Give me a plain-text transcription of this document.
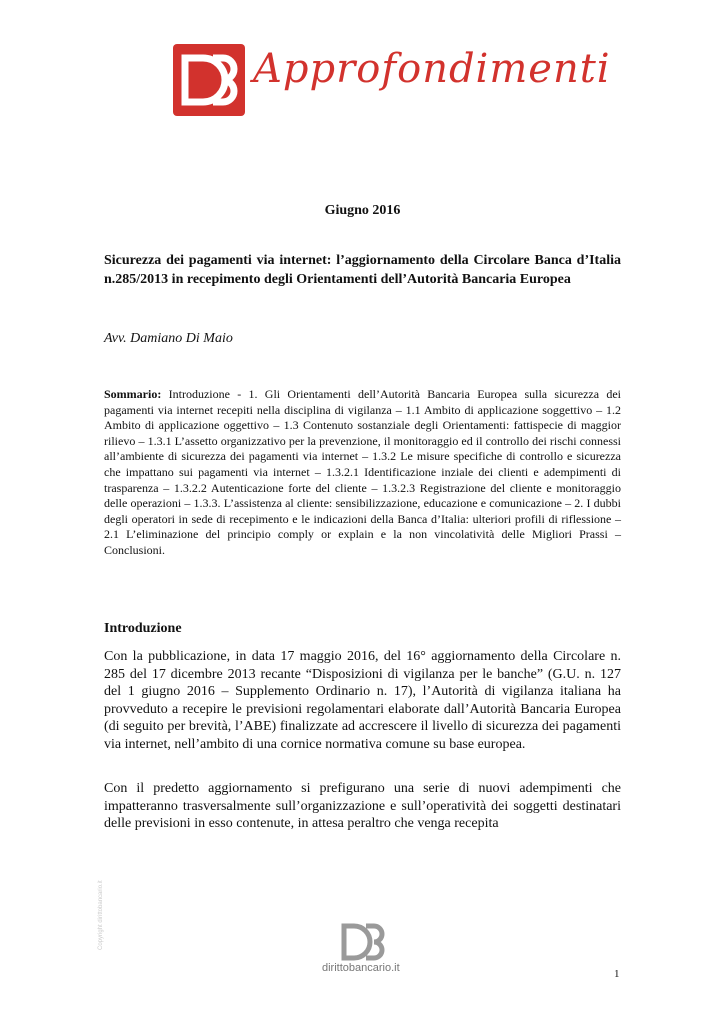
Approfondimenti
Giugno 2016

Sicurezza dei pagamenti via internet: l’aggiornamento della Circolare Banca d’Italia n.285/2013 in recepimento degli Orientamenti dell’Autorità Bancaria Europea

Avv. Damiano Di Maio

Sommario: Introduzione - 1. Gli Orientamenti dell’Autorità Bancaria Europea sulla sicurezza dei pagamenti via internet recepiti nella disciplina di vigilanza – 1.1 Ambito di applicazione soggettivo – 1.2 Ambito di applicazione oggettivo – 1.3 Contenuto sostanziale degli Orientamenti: fattispecie di maggior rilievo – 1.3.1 L’assetto organizzativo per la prevenzione, il monitoraggio ed il controllo dei rischi connessi all’ambiente di sicurezza dei pagamenti via internet – 1.3.2 Le misure specifiche di controllo e sicurezza che impattano sui pagamenti via internet – 1.3.2.1 Identificazione inziale dei clienti e adempimenti di trasparenza – 1.3.2.2 Autenticazione forte del cliente – 1.3.2.3 Registrazione del cliente e monitoraggio delle operazioni – 1.3.3. L’assistenza al cliente: sensibilizzazione, educazione e comunicazione – 2. I dubbi degli operatori in sede di recepimento e le indicazioni della Banca d’Italia: ulteriori profili di riflessione – 2.1 L’eliminazione del principio comply or explain e la non vincolatività delle Migliori Prassi – Conclusioni.

Introduzione

Con la pubblicazione, in data 17 maggio 2016, del 16° aggiornamento della Circolare n. 285 del 17 dicembre 2013 recante “Disposizioni di vigilanza per le banche” (G.U. n. 127 del 1 giugno 2016 – Supplemento Ordinario n. 17), l’Autorità di vigilanza italiana ha provveduto a recepire le previsioni regolamentari elaborate dall’Autorità Bancaria Europea (di seguito per brevità, l’ABE) finalizzate ad accrescere il livello di sicurezza dei pagamenti via internet, nell’ambito di una cornice normativa comune su base europea.

Con il predetto aggiornamento si prefigurano una serie di nuovi adempimenti che impatteranno trasversalmente sull’organizzazione e sull’operatività dei soggetti destinatari delle previsioni in esso contenute, in attesa peraltro che venga recepita

Copyright dirittobancario.it
dirittobancario.it	1
